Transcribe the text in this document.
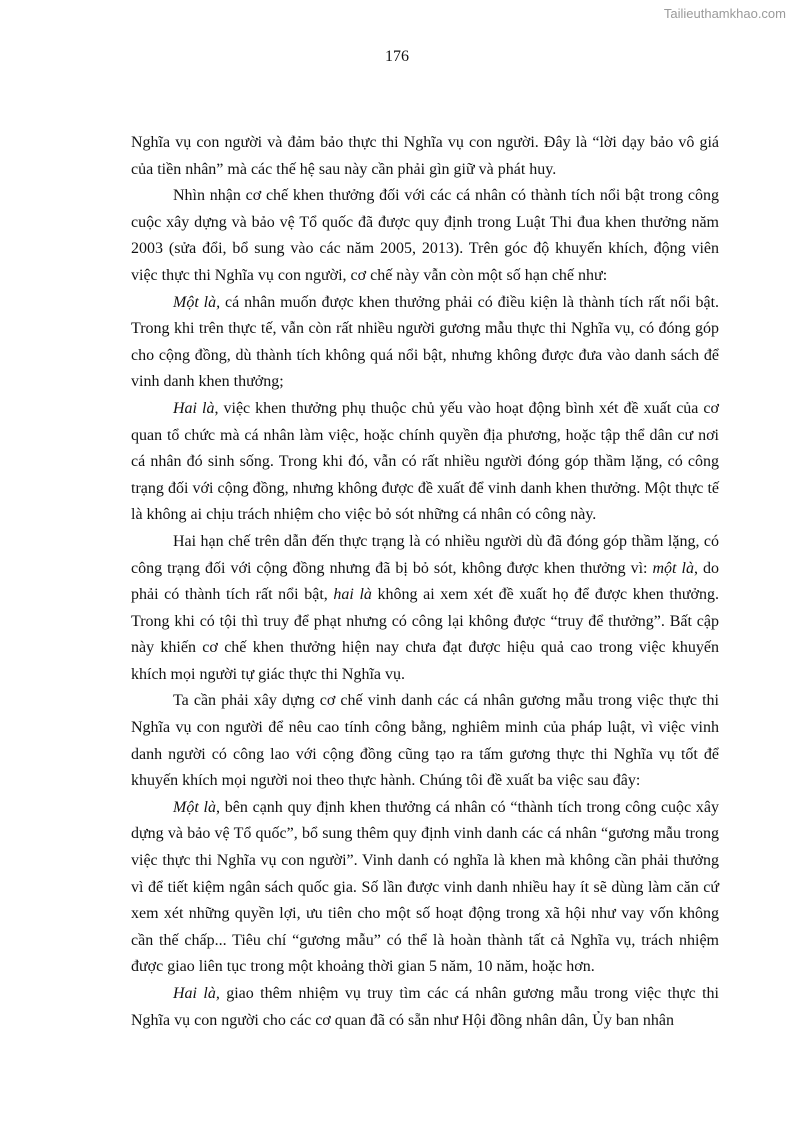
Tailieuthamkhao.com
176

Nghĩa vụ con người và đảm bảo thực thi Nghĩa vụ con người. Đây là “lời dạy bảo vô giá của tiền nhân” mà các thế hệ sau này cần phải gìn giữ và phát huy.

Nhìn nhận cơ chế khen thưởng đối với các cá nhân có thành tích nổi bật trong công cuộc xây dựng và bảo vệ Tổ quốc đã được quy định trong Luật Thi đua khen thưởng năm 2003 (sửa đổi, bổ sung vào các năm 2005, 2013). Trên góc độ khuyến khích, động viên việc thực thi Nghĩa vụ con người, cơ chế này vẫn còn một số hạn chế như:

Một là, cá nhân muốn được khen thưởng phải có điều kiện là thành tích rất nổi bật. Trong khi trên thực tế, vẫn còn rất nhiều người gương mẫu thực thi Nghĩa vụ, có đóng góp cho cộng đồng, dù thành tích không quá nổi bật, nhưng không được đưa vào danh sách để vinh danh khen thưởng;

Hai là, việc khen thưởng phụ thuộc chủ yếu vào hoạt động bình xét đề xuất của cơ quan tổ chức mà cá nhân làm việc, hoặc chính quyền địa phương, hoặc tập thể dân cư nơi cá nhân đó sinh sống. Trong khi đó, vẫn có rất nhiều người đóng góp thầm lặng, có công trạng đối với cộng đồng, nhưng không được đề xuất để vinh danh khen thưởng. Một thực tế là không ai chịu trách nhiệm cho việc bỏ sót những cá nhân có công này.

Hai hạn chế trên dẫn đến thực trạng là có nhiều người dù đã đóng góp thầm lặng, có công trạng đối với cộng đồng nhưng đã bị bỏ sót, không được khen thưởng vì: một là, do phải có thành tích rất nổi bật, hai là không ai xem xét đề xuất họ để được khen thưởng. Trong khi có tội thì truy để phạt nhưng có công lại không được “truy để thưởng”. Bất cập này khiến cơ chế khen thưởng hiện nay chưa đạt được hiệu quả cao trong việc khuyến khích mọi người tự giác thực thi Nghĩa vụ.

Ta cần phải xây dựng cơ chế vinh danh các cá nhân gương mẫu trong việc thực thi Nghĩa vụ con người để nêu cao tính công bằng, nghiêm minh của pháp luật, vì việc vinh danh người có công lao với cộng đồng cũng tạo ra tấm gương thực thi Nghĩa vụ tốt để khuyến khích mọi người noi theo thực hành. Chúng tôi đề xuất ba việc sau đây:

Một là, bên cạnh quy định khen thưởng cá nhân có “thành tích trong công cuộc xây dựng và bảo vệ Tổ quốc”, bổ sung thêm quy định vinh danh các cá nhân “gương mẫu trong việc thực thi Nghĩa vụ con người”. Vinh danh có nghĩa là khen mà không cần phải thưởng vì để tiết kiệm ngân sách quốc gia. Số lần được vinh danh nhiều hay ít sẽ dùng làm căn cứ xem xét những quyền lợi, ưu tiên cho một số hoạt động trong xã hội như vay vốn không cần thế chấp... Tiêu chí “gương mẫu” có thể là hoàn thành tất cả Nghĩa vụ, trách nhiệm được giao liên tục trong một khoảng thời gian 5 năm, 10 năm, hoặc hơn.

Hai là, giao thêm nhiệm vụ truy tìm các cá nhân gương mẫu trong việc thực thi Nghĩa vụ con người cho các cơ quan đã có sẵn như Hội đồng nhân dân, Ủy ban nhân
